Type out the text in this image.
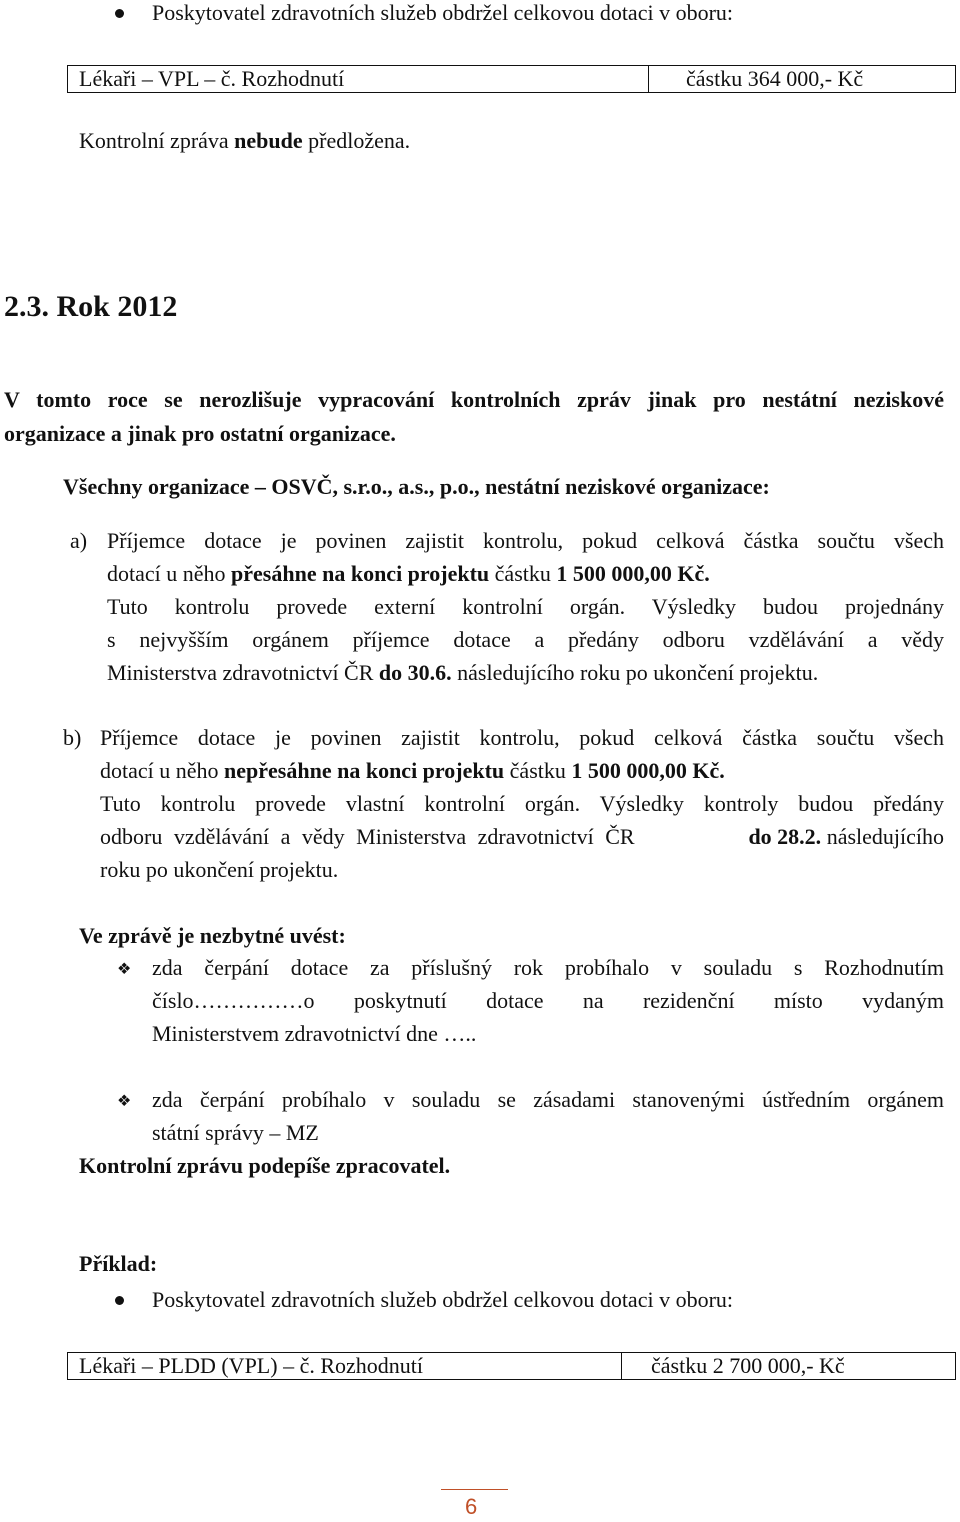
Poskytovatel zdravotních služeb obdržel celkovou dotaci v oboru:
Lékaři – VPL – č. Rozhodnutí	částku 364 000,- Kč
Kontrolní zpráva nebude předložena.
2.3. Rok 2012
V tomto roce se nerozlišuje vypracování kontrolních zpráv jinak pro nestátní neziskové
organizace a jinak pro ostatní organizace.
Všechny organizace – OSVČ, s.r.o., a.s., p.o., nestátní neziskové organizace:
a) Příjemce dotace je povinen zajistit kontrolu, pokud celková částka součtu všech
dotací u něho přesáhne na konci projektu částku 1 500 000,00 Kč.
Tuto kontrolu provede externí kontrolní orgán. Výsledky budou projednány
s nejvyšším orgánem příjemce dotace a předány odboru vzdělávání a vědy
Ministerstva zdravotnictví ČR do 30.6. následujícího roku po ukončení projektu.
b) Příjemce dotace je povinen zajistit kontrolu, pokud celková částka součtu všech
dotací u něho nepřesáhne na konci projektu částku 1 500 000,00 Kč.
Tuto kontrolu provede vlastní kontrolní orgán. Výsledky kontroly budou předány
odboru vzdělávání a vědy Ministerstva zdravotnictví ČR	do 28.2. následujícího
roku po ukončení projektu.
Ve zprávě je nezbytné uvést:
❖ zda čerpání dotace za příslušný rok probíhalo v souladu s Rozhodnutím
číslo……………o poskytnutí dotace na rezidenční místo vydaným
Ministerstvem zdravotnictví dne …..
❖ zda čerpání probíhalo v souladu se zásadami stanovenými ústředním orgánem
státní správy – MZ
Kontrolní zprávu podepíše zpracovatel.
Příklad:
Poskytovatel zdravotních služeb obdržel celkovou dotaci v oboru:
Lékaři – PLDD (VPL) – č. Rozhodnutí	částku 2 700 000,- Kč
6
